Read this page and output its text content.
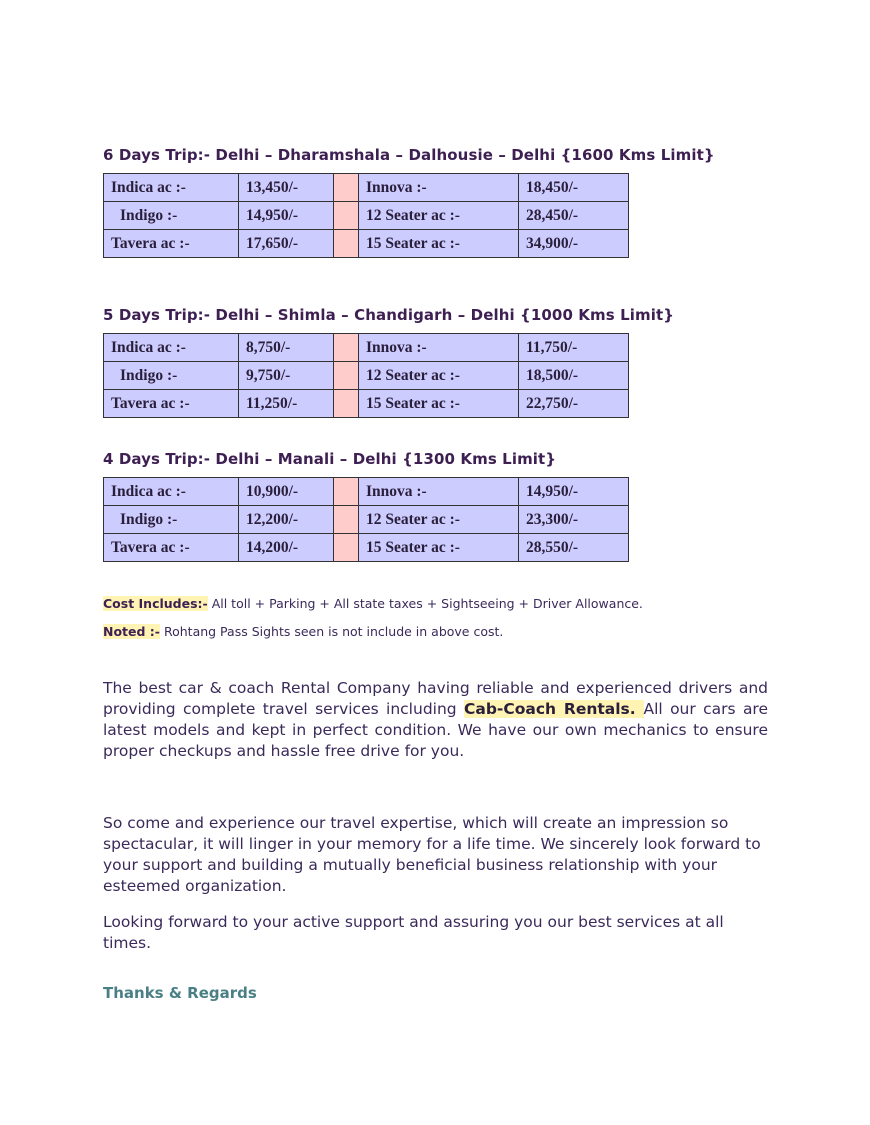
6 Days Trip:- Delhi – Dharamshala – Dalhousie – Delhi {1600 Kms Limit}
Indica ac :-	13,450/-		Innova :-	18,450/-
Indigo :-	14,950/-		12 Seater ac :-	28,450/-
Tavera ac :-	17,650/-		15 Seater ac :-	34,900/-
5 Days Trip:- Delhi – Shimla – Chandigarh – Delhi {1000 Kms Limit}
Indica ac :-	8,750/-		Innova :-	11,750/-
Indigo :-	9,750/-		12 Seater ac :-	18,500/-
Tavera ac :-	11,250/-		15 Seater ac :-	22,750/-
4 Days Trip:- Delhi – Manali – Delhi {1300 Kms Limit}
Indica ac :-	10,900/-		Innova :-	14,950/-
Indigo :-	12,200/-		12 Seater ac :-	23,300/-
Tavera ac :-	14,200/-		15 Seater ac :-	28,550/-
Cost Includes:- All toll + Parking + All state taxes + Sightseeing + Driver Allowance.
Noted :- Rohtang Pass Sights seen is not include in above cost.
The best car & coach Rental Company having reliable and experienced drivers and providing complete travel services including Cab-Coach Rentals. All our cars are latest models and kept in perfect condition. We have our own mechanics to ensure proper checkups and hassle free drive for you.
So come and experience our travel expertise, which will create an impression so spectacular, it will linger in your memory for a life time. We sincerely look forward to your support and building a mutually beneficial business relationship with your esteemed organization.
Looking forward to your active support and assuring you our best services at all times.
Thanks & Regards
